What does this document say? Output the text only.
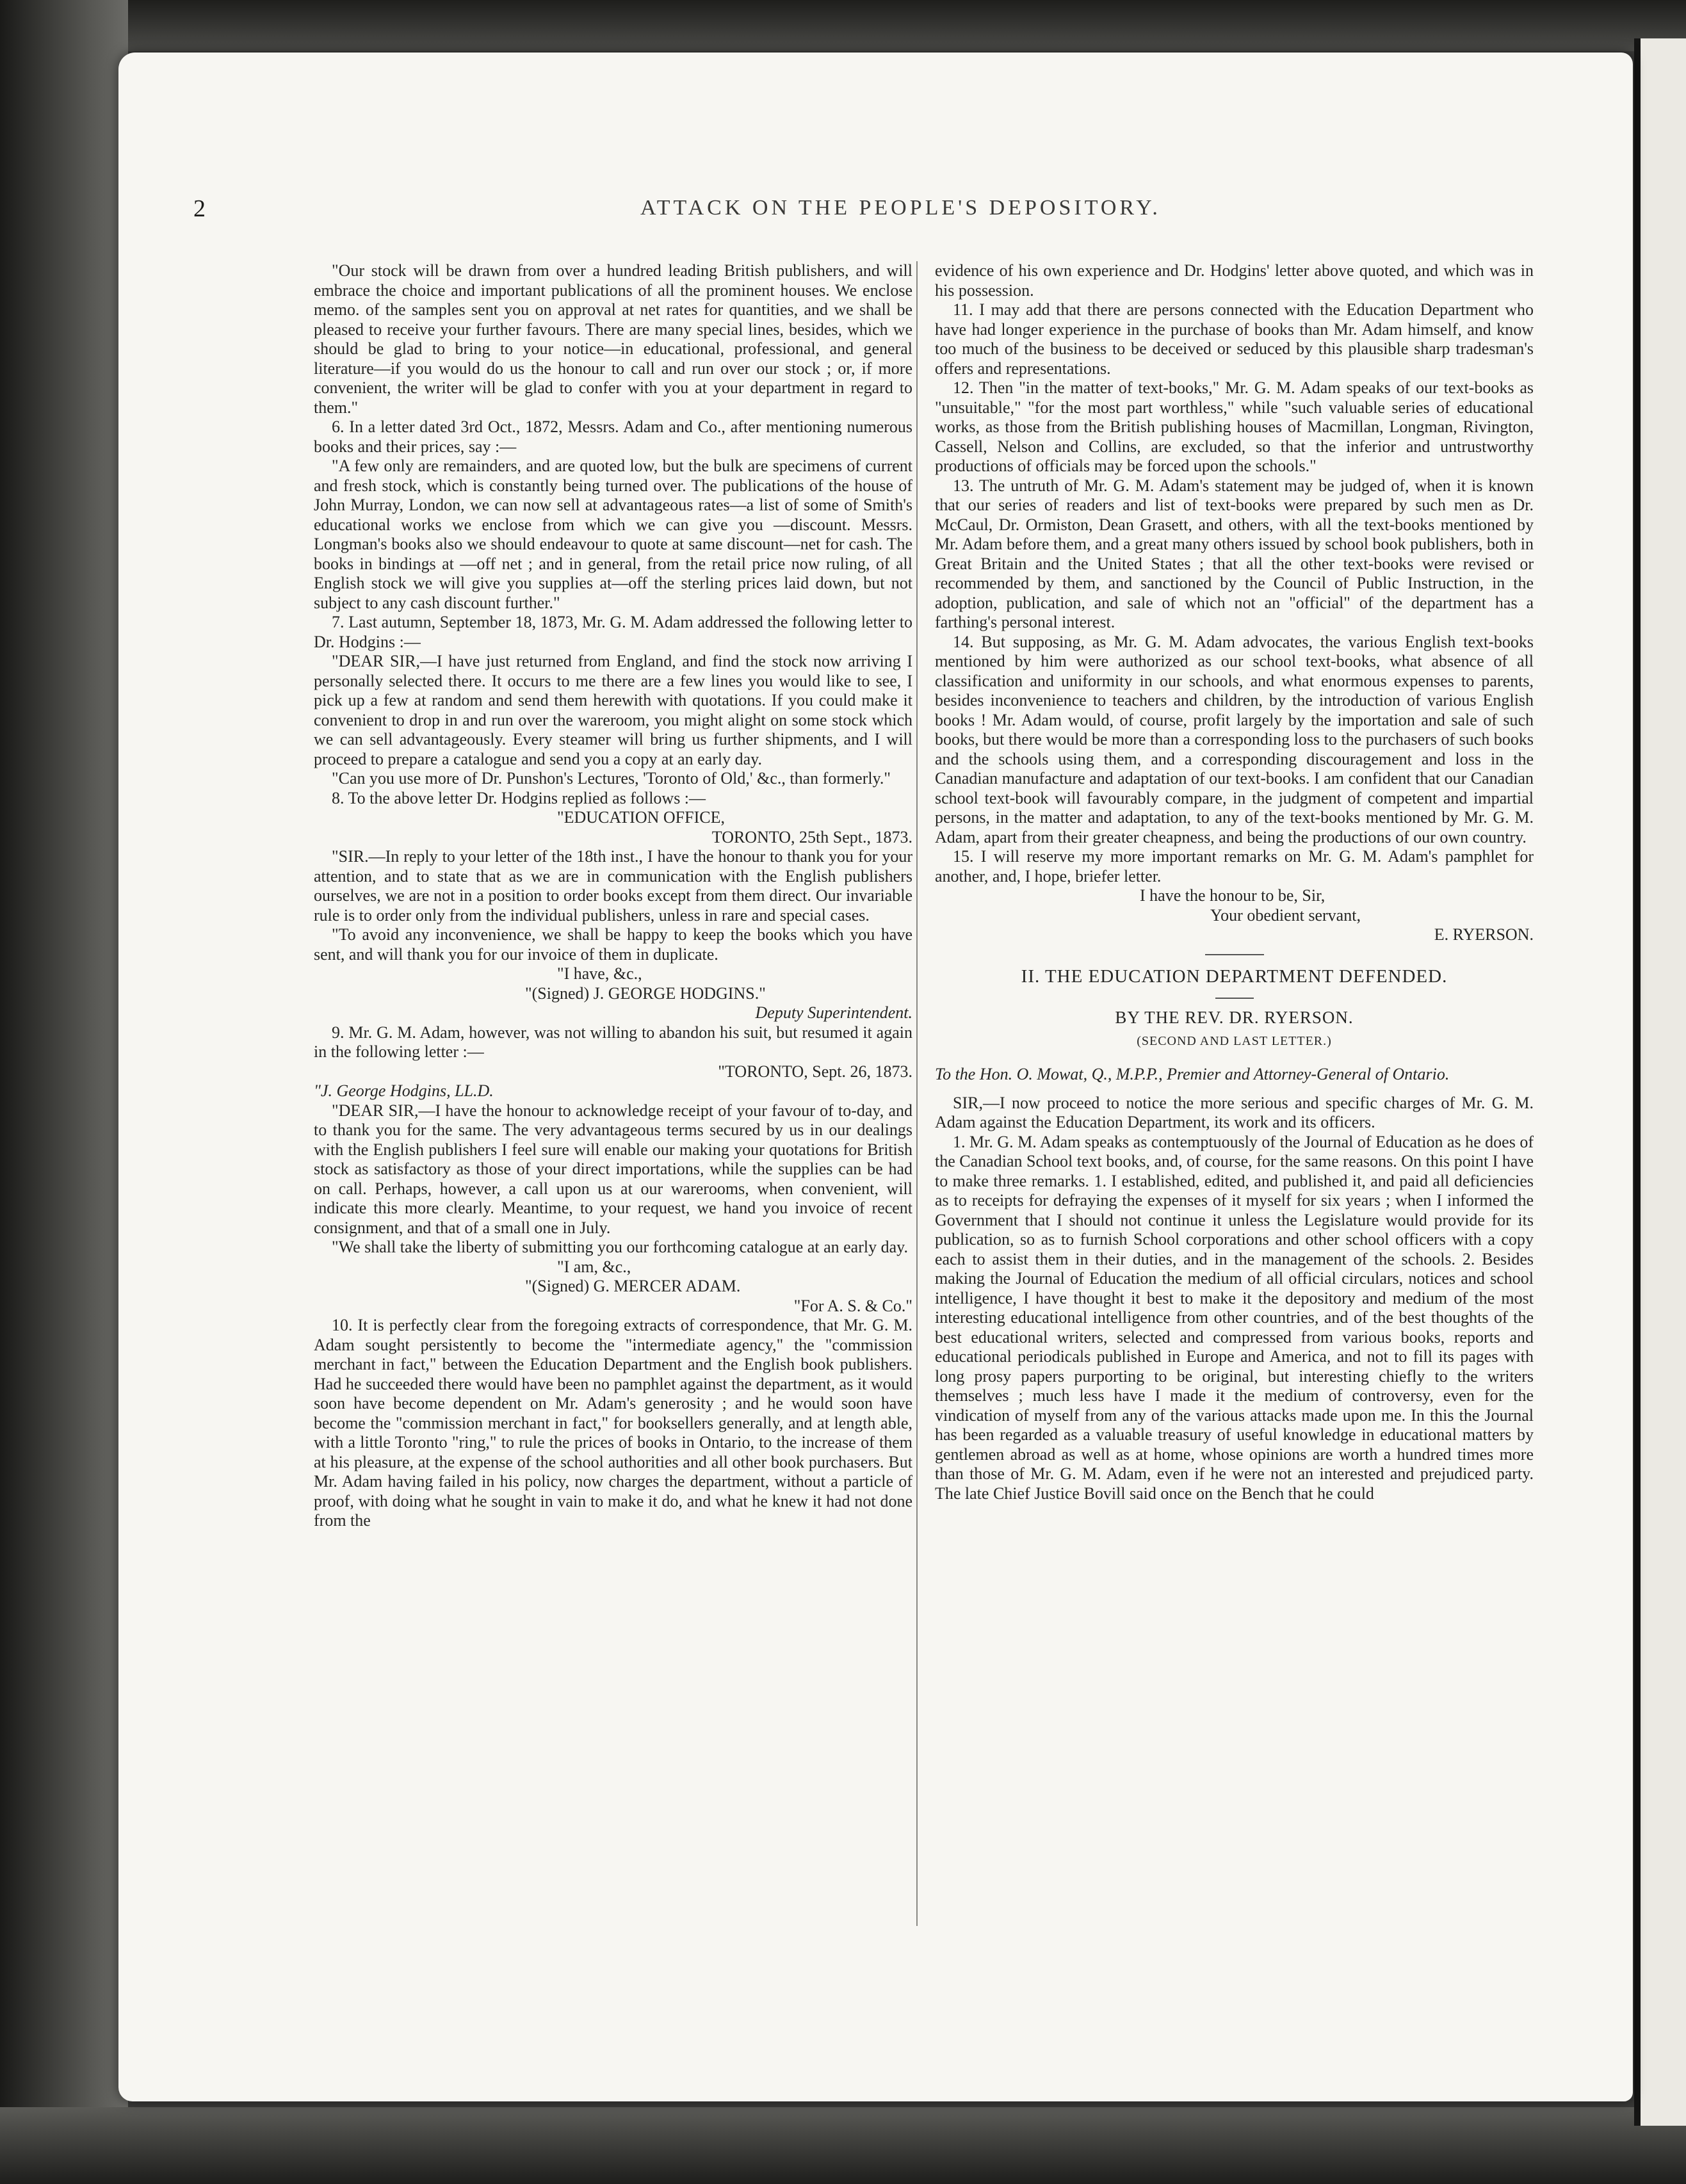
2	ATTACK ON THE PEOPLE'S DEPOSITORY.

"Our stock will be drawn from over a hundred leading British publishers, and will embrace the choice and important publications of all the prominent houses. We enclose memo. of the samples sent you on approval at net rates for quantities, and we shall be pleased to receive your further favours. There are many special lines, besides, which we should be glad to bring to your notice—in educational, professional, and general literature—if you would do us the honour to call and run over our stock ; or, if more convenient, the writer will be glad to confer with you at your department in regard to them."

6. In a letter dated 3rd Oct., 1872, Messrs. Adam and Co., after mentioning numerous books and their prices, say :—

"A few only are remainders, and are quoted low, but the bulk are specimens of current and fresh stock, which is constantly being turned over. The publications of the house of John Murray, London, we can now sell at advantageous rates—a list of some of Smith's educational works we enclose from which we can give you —discount. Messrs. Longman's books also we should endeavour to quote at same discount—net for cash. The books in bindings at —off net ; and in general, from the retail price now ruling, of all English stock we will give you supplies at—off the sterling prices laid down, but not subject to any cash discount further."

7. Last autumn, September 18, 1873, Mr. G. M. Adam addressed the following letter to Dr. Hodgins :—

"DEAR SIR,—I have just returned from England, and find the stock now arriving I personally selected there. It occurs to me there are a few lines you would like to see, I pick up a few at random and send them herewith with quotations. If you could make it convenient to drop in and run over the wareroom, you might alight on some stock which we can sell advantageously. Every steamer will bring us further shipments, and I will proceed to prepare a catalogue and send you a copy at an early day.

"Can you use more of Dr. Punshon's Lectures, 'Toronto of Old,' &c., than formerly."

8. To the above letter Dr. Hodgins replied as follows :—

"EDUCATION OFFICE,

TORONTO, 25th Sept., 1873.

"SIR.—In reply to your letter of the 18th inst., I have the honour to thank you for your attention, and to state that as we are in communication with the English publishers ourselves, we are not in a position to order books except from them direct. Our invariable rule is to order only from the individual publishers, unless in rare and special cases.

"To avoid any inconvenience, we shall be happy to keep the books which you have sent, and will thank you for our invoice of them in duplicate.

"I have, &c.,

"(Signed) J. GEORGE HODGINS."

Deputy Superintendent.

9. Mr. G. M. Adam, however, was not willing to abandon his suit, but resumed it again in the following letter :—

"TORONTO, Sept. 26, 1873.

"J. George Hodgins, LL.D.

"DEAR SIR,—I have the honour to acknowledge receipt of your favour of to-day, and to thank you for the same. The very advantageous terms secured by us in our dealings with the English publishers I feel sure will enable our making your quotations for British stock as satisfactory as those of your direct importations, while the supplies can be had on call. Perhaps, however, a call upon us at our warerooms, when convenient, will indicate this more clearly. Meantime, to your request, we hand you invoice of recent consignment, and that of a small one in July.

"We shall take the liberty of submitting you our forthcoming catalogue at an early day.

"I am, &c.,

"(Signed) G. MERCER ADAM.

"For A. S. & Co."

10. It is perfectly clear from the foregoing extracts of correspondence, that Mr. G. M. Adam sought persistently to become the "intermediate agency," the "commission merchant in fact," between the Education Department and the English book publishers. Had he succeeded there would have been no pamphlet against the department, as it would soon have become dependent on Mr. Adam's generosity ; and he would soon have become the "commission merchant in fact," for booksellers generally, and at length able, with a little Toronto "ring," to rule the prices of books in Ontario, to the increase of them at his pleasure, at the expense of the school authorities and all other book purchasers. But Mr. Adam having failed in his policy, now charges the department, without a particle of proof, with doing what he sought in vain to make it do, and what he knew it had not done from the

evidence of his own experience and Dr. Hodgins' letter above quoted, and which was in his possession.

11. I may add that there are persons connected with the Education Department who have had longer experience in the purchase of books than Mr. Adam himself, and know too much of the business to be deceived or seduced by this plausible sharp tradesman's offers and representations.

12. Then "in the matter of text-books," Mr. G. M. Adam speaks of our text-books as "unsuitable," "for the most part worthless," while "such valuable series of educational works, as those from the British publishing houses of Macmillan, Longman, Rivington, Cassell, Nelson and Collins, are excluded, so that the inferior and untrustworthy productions of officials may be forced upon the schools."

13. The untruth of Mr. G. M. Adam's statement may be judged of, when it is known that our series of readers and list of text-books were prepared by such men as Dr. McCaul, Dr. Ormiston, Dean Grasett, and others, with all the text-books mentioned by Mr. Adam before them, and a great many others issued by school book publishers, both in Great Britain and the United States ; that all the other text-books were revised or recommended by them, and sanctioned by the Council of Public Instruction, in the adoption, publication, and sale of which not an "official" of the department has a farthing's personal interest.

14. But supposing, as Mr. G. M. Adam advocates, the various English text-books mentioned by him were authorized as our school text-books, what absence of all classification and uniformity in our schools, and what enormous expenses to parents, besides inconvenience to teachers and children, by the introduction of various English books ! Mr. Adam would, of course, profit largely by the importation and sale of such books, but there would be more than a corresponding loss to the purchasers of such books and the schools using them, and a corresponding discouragement and loss in the Canadian manufacture and adaptation of our text-books. I am confident that our Canadian school text-book will favourably compare, in the judgment of competent and impartial persons, in the matter and adaptation, to any of the text-books mentioned by Mr. G. M. Adam, apart from their greater cheapness, and being the productions of our own country.

15. I will reserve my more important remarks on Mr. G. M. Adam's pamphlet for another, and, I hope, briefer letter.

I have the honour to be, Sir,

Your obedient servant,

E. RYERSON.

II. THE EDUCATION DEPARTMENT DEFENDED.
BY THE REV. DR. RYERSON.
(SECOND AND LAST LETTER.)

To the Hon. O. Mowat, Q., M.P.P., Premier and Attorney-General of Ontario.

SIR,—I now proceed to notice the more serious and specific charges of Mr. G. M. Adam against the Education Department, its work and its officers.

1. Mr. G. M. Adam speaks as contemptuously of the Journal of Education as he does of the Canadian School text books, and, of course, for the same reasons. On this point I have to make three remarks. 1. I established, edited, and published it, and paid all deficiencies as to receipts for defraying the expenses of it myself for six years ; when I informed the Government that I should not continue it unless the Legislature would provide for its publication, so as to furnish School corporations and other school officers with a copy each to assist them in their duties, and in the management of the schools. 2. Besides making the Journal of Education the medium of all official circulars, notices and school intelligence, I have thought it best to make it the depository and medium of the most interesting educational intelligence from other countries, and of the best thoughts of the best educational writers, selected and compressed from various books, reports and educational periodicals published in Europe and America, and not to fill its pages with long prosy papers purporting to be original, but interesting chiefly to the writers themselves ; much less have I made it the medium of controversy, even for the vindication of myself from any of the various attacks made upon me. In this the Journal has been regarded as a valuable treasury of useful knowledge in educational matters by gentlemen abroad as well as at home, whose opinions are worth a hundred times more than those of Mr. G. M. Adam, even if he were not an interested and prejudiced party. The late Chief Justice Bovill said once on the Bench that he could
